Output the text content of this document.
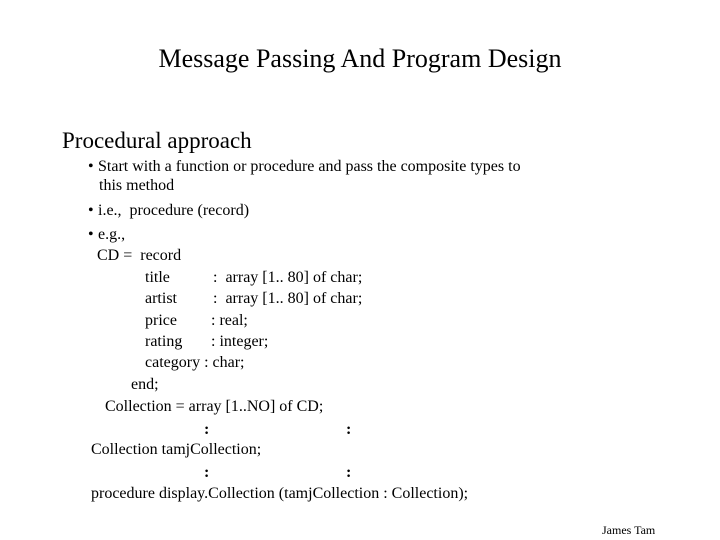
Message Passing And Program Design
Procedural approach
• Start with a function or procedure and pass the composite types to
this method
• i.e.,  procedure (record)
• e.g.,
CD =  record
title	:  array [1.. 80] of char;
artist :  array [1.. 80] of char;
price : real;
rating : integer;
category : char;
end;
Collection = array [1..NO] of CD;
:	:
Collection tamjCollection;
:	:
procedure display.Collection (tamjCollection : Collection);
James Tam
